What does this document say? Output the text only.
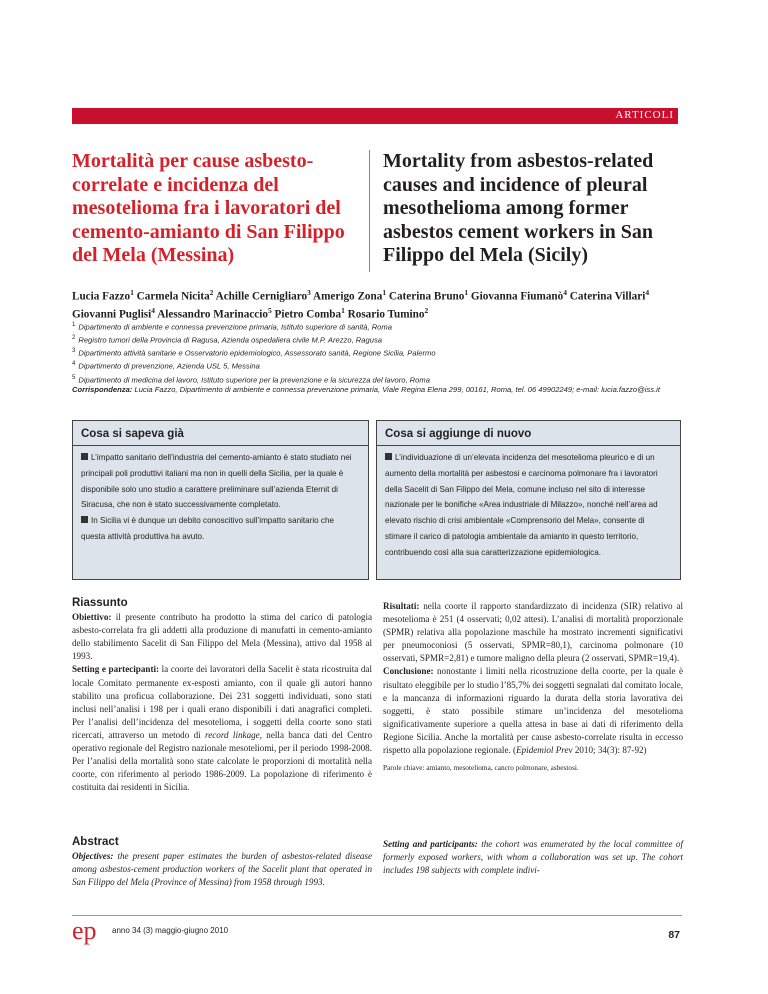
ARTICOLI
Mortalità per cause asbesto-correlate e incidenza del mesotelioma fra i lavoratori del cemento-amianto di San Filippo del Mela (Messina)
Mortality from asbestos-related causes and incidence of pleural mesothelioma among former asbestos cement workers in San Filippo del Mela (Sicily)
Lucia Fazzo$^1$ Carmela Nicita$^2$ Achille Cernigliaro$^3$ Amerigo Zona$^1$ Caterina Bruno$^1$ Giovanna Fiumanò$^4$ Caterina Villari$^4$
Giovanni Puglisi$^4$ Alessandro Marinaccio$^5$ Pietro Comba$^1$ Rosario Tumino$^2$
$^1$ Dipartimento di ambiente e connessa prevenzione primaria, Istituto superiore di sanità, Roma
$^2$ Registro tumori della Provincia di Ragusa, Azienda ospedaliera civile M.P. Arezzo, Ragusa
$^3$ Dipartimento attività sanitarie e Osservatorio epidemiologico, Assessorato sanità, Regione Sicilia, Palermo
$^4$ Dipartimento di prevenzione, Azienda USL 5, Messina
$^5$ Dipartimento di medicina del lavoro, Istituto superiore per la prevenzione e la sicurezza del lavoro, Roma
Corrispondenza: Lucia Fazzo, Dipartimento di ambiente e connessa prevenzione primaria, Viale Regina Elena 299, 00161, Roma, tel. 06 49902249; e-mail: lucia.fazzo@iss.it
Cosa si sapeva già
L’impatto sanitario dell’industria del cemento-amianto è stato studiato nei principali poli produttivi italiani ma non in quelli della Sicilia, per la quale è disponibile solo uno studio a carattere preliminare sull’azienda Eternit di Siracusa, che non è stato successivamente completato.
In Sicilia vi è dunque un debito conoscitivo sull’impatto sanitario che questa attività produttiva ha avuto.
Cosa si aggiunge di nuovo
L’individuazione di un’elevata incidenza del mesotelioma pleurico e di un aumento della mortalità per asbestosi e carcinoma polmonare fra i lavoratori della Sacelit di San Filippo del Mela, comune incluso nel sito di interesse nazionale per le bonifiche «Area industriale di Milazzo», nonché nell’area ad elevato rischio di crisi ambientale «Comprensorio del Mela», consente di stimare il carico di patologia ambientale da amianto in questo territorio, contribuendo così alla sua caratterizzazione epidemiologica.
Riassunto

Obiettivo: il presente contributo ha prodotto la stima del carico di patologia asbesto-correlata fra gli addetti alla produzione di manufatti in cemento-amianto dello stabilimento Sacelit di San Filippo del Mela (Messina), attivo dal 1958 al 1993.
Setting e partecipanti: la coorte dei lavoratori della Sacelit è stata ricostruita dal locale Comitato permanente ex-esposti amianto, con il quale gli autori hanno stabilito una proficua collaborazione. Dei 231 soggetti individuati, sono stati inclusi nell’analisi i 198 per i quali erano disponibili i dati anagrafici completi. Per l’analisi dell’incidenza del mesotelioma, i soggetti della coorte sono stati ricercati, attraverso un metodo di record linkage, nella banca dati del Centro operativo regionale del Registro nazionale mesoteliomi, per il periodo 1998-2008. Per l’analisi della mortalità sono state calcolate le proporzioni di mortalità nella coorte, con riferimento al periodo 1986-2009. La popolazione di riferimento è costituita dai residenti in Sicilia.

Risultati: nella coorte il rapporto standardizzato di incidenza (SIR) relativo al mesotelioma è 251 (4 osservati; 0,02 attesi). L’analisi di mortalità proporzionale (SPMR) relativa alla popolazione maschile ha mostrato incrementi significativi per pneumoconiosi (5 osservati, SPMR=80,1), carcinoma polmonare (10 osservati, SPMR=2,81) e tumore maligno della pleura (2 osservati, SPMR=19,4).

Conclusione: nonostante i limiti nella ricostruzione della coorte, per la quale è risultato eleggibile per lo studio l’85,7% dei soggetti segnalati dal comitato locale, e la mancanza di informazioni riguardo la durata della storia lavorativa dei soggetti, è stato possibile stimare un’incidenza del mesotelioma significativamente superiore a quella attesa in base ai dati di riferimento della Regione Sicilia. Anche la mortalità per cause asbesto-correlate risulta in eccesso rispetto alla popolazione regionale. (Epidemiol Prev 2010; 34(3): 87-92)

Parole chiave: amianto, mesotelioma, cancro polmonare, asbestosi.

Abstract

Objectives: the present paper estimates the burden of asbestos-related disease among asbestos-cement production workers of the Sacelit plant that operated in San Filippo del Mela (Province of Messina) from 1958 through 1993.

Setting and participants: the cohort was enumerated by the local committee of formerly exposed workers, with whom a collaboration was set up. The cohort includes 198 subjects with complete indivi-

ep anno 34 (3) maggio-giugno 2010	87
